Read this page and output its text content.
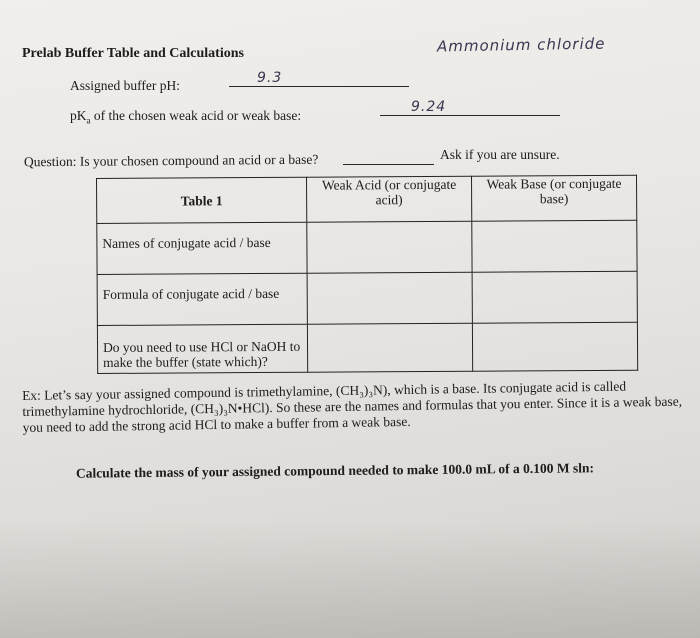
Prelab Buffer Table and Calculations	Ammonium chloride
Assigned buffer pH:	9.3
$pK_a$ of the chosen weak acid or weak base:
9.24
Question: Is your chosen compound an acid or a base?	Ask if you are unsure.
Table 1	Weak Acid (or conjugate acid)	Weak Base (or conjugate base)
Names of conjugate acid / base		
Formula of conjugate acid / base		
Do you need to use HCl or NaOH to make the buffer (state which)?		
Ex: Let’s say your assigned compound is trimethylamine, (CH₃)₃N), which is a base. Its conjugate acid is called trimethylamine hydrochloride, (CH₃)₃N•HCl). So these are the names and formulas that you enter. Since it is a weak base, you need to add the strong acid HCl to make a buffer from a weak base.
Calculate the mass of your assigned compound needed to make 100.0 mL of a 0.100 M sln:
